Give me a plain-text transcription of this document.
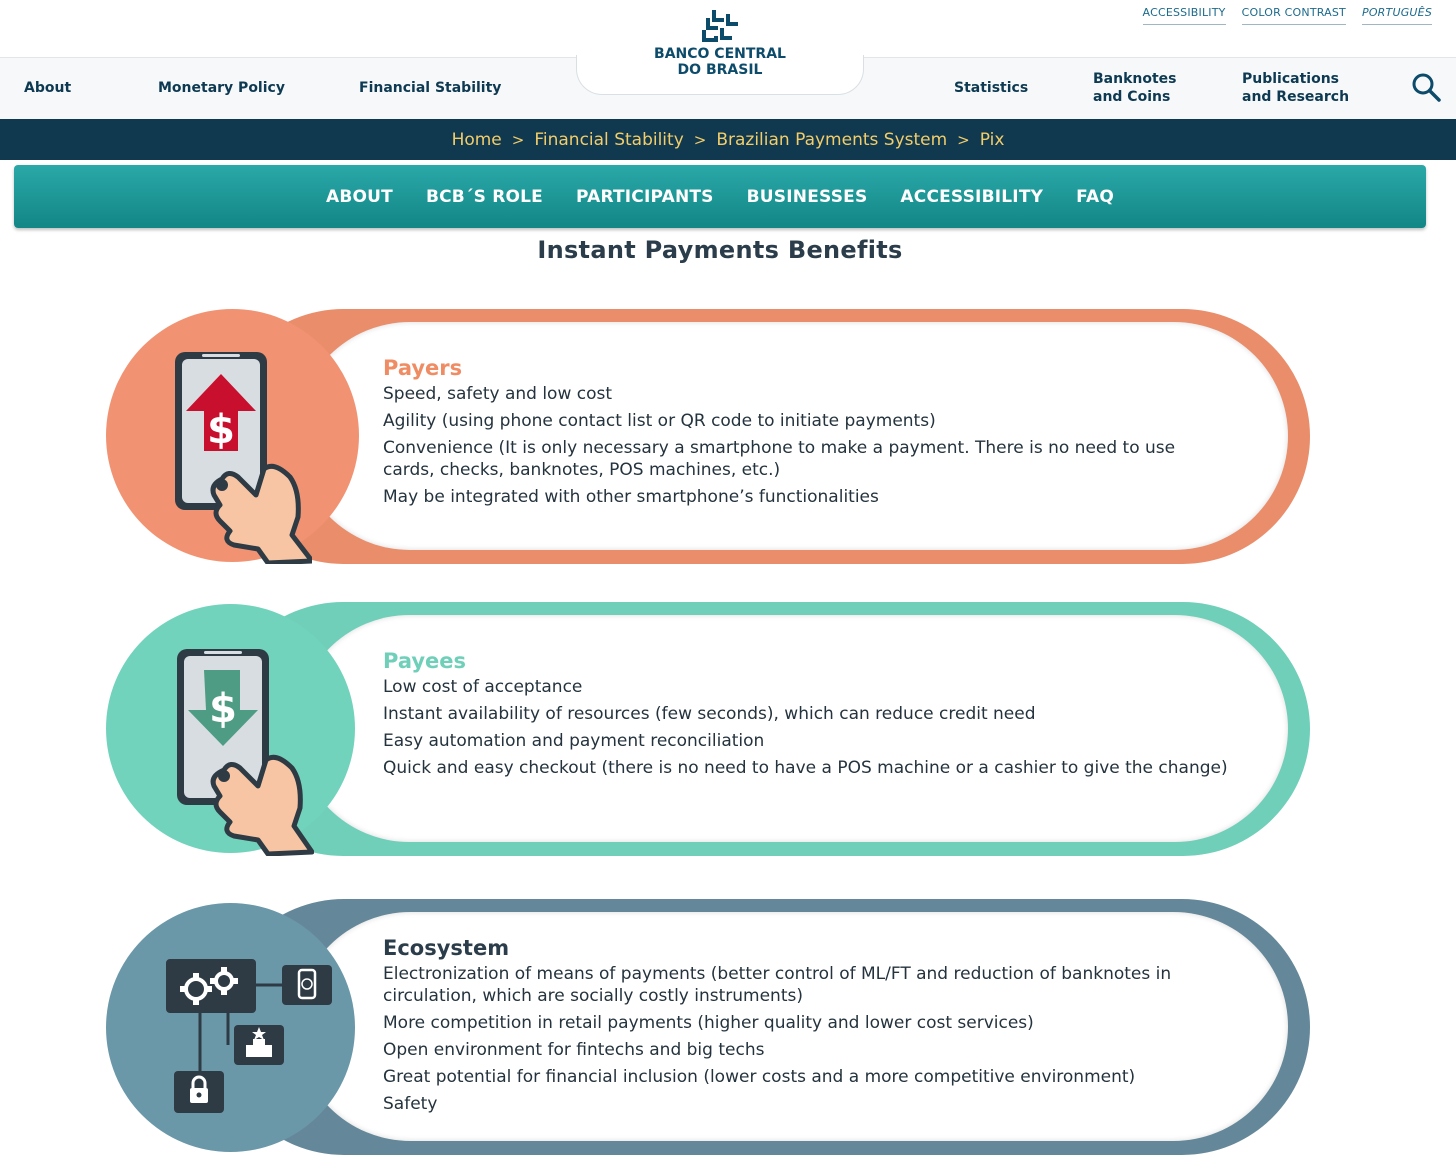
ACCESSIBILITY COLOR CONTRAST PORTUGUÊS
BANCO CENTRAL
DO BRASIL
About	Monetary Policy	Financial Stability	Statistics
Banknotes
and Coins
Publications
and Research
Home > Financial Stability > Brazilian Payments System > Pix
ABOUT BCB´S ROLE PARTICIPANTS BUSINESSES ACCESSIBILITY FAQ
Instant Payments Benefits
$
Payers

Speed, safety and low cost

Agility (using phone contact list or QR code to initiate payments)

Convenience (It is only necessary a smartphone to make a payment. There is no need to use cards, checks, banknotes, POS machines, etc.)

May be integrated with other smartphone’s functionalities

$
Payees

Low cost of acceptance

Instant availability of resources (few seconds), which can reduce credit need

Easy automation and payment reconciliation

Quick and easy checkout (there is no need to have a POS machine or a cashier to give the change)

Ecosystem

Electronization of means of payments (better control of ML/FT and reduction of banknotes in circulation, which are socially costly instruments)

More competition in retail payments (higher quality and lower cost services)

Open environment for fintechs and big techs

Great potential for financial inclusion (lower costs and a more competitive environment)

Safety
